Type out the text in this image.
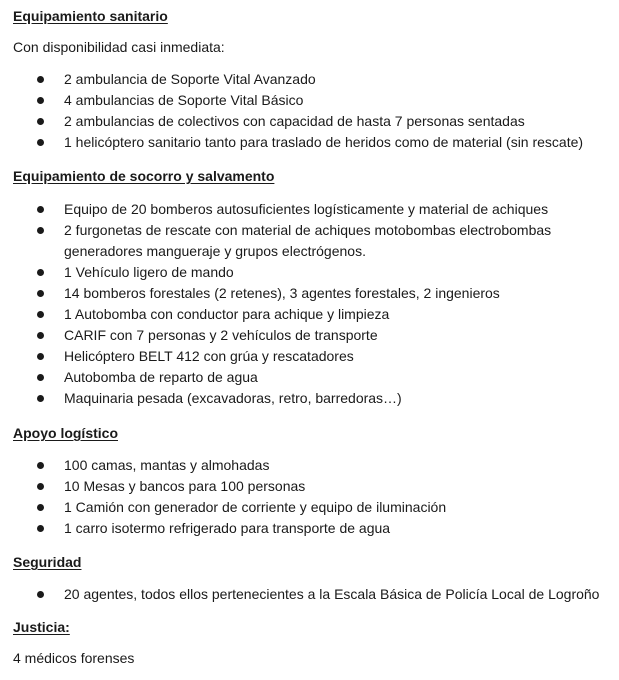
Equipamiento sanitario

Con disponibilidad casi inmediata:

2 ambulancia de Soporte Vital Avanzado
4 ambulancias de Soporte Vital Básico
2 ambulancias de colectivos con capacidad de hasta 7 personas sentadas
1 helicóptero sanitario tanto para traslado de heridos como de material (sin rescate)

Equipamiento de socorro y salvamento

Equipo de 20 bomberos autosuficientes logísticamente y material de achiques
2 furgonetas de rescate con material de achiques motobombas electrobombas generadores mangueraje y grupos electrógenos.
1 Vehículo ligero de mando
14 bomberos forestales (2 retenes), 3 agentes forestales, 2 ingenieros
1 Autobomba con conductor para achique y limpieza
CARIF con 7 personas y 2 vehículos de transporte
Helicóptero BELT 412 con grúa y rescatadores
Autobomba de reparto de agua
Maquinaria pesada (excavadoras, retro, barredoras…)

Apoyo logístico

100 camas, mantas y almohadas
10 Mesas y bancos para 100 personas
1 Camión con generador de corriente y equipo de iluminación
1 carro isotermo refrigerado para transporte de agua

Seguridad

20 agentes, todos ellos pertenecientes a la Escala Básica de Policía Local de Logroño

Justicia:

4 médicos forenses
